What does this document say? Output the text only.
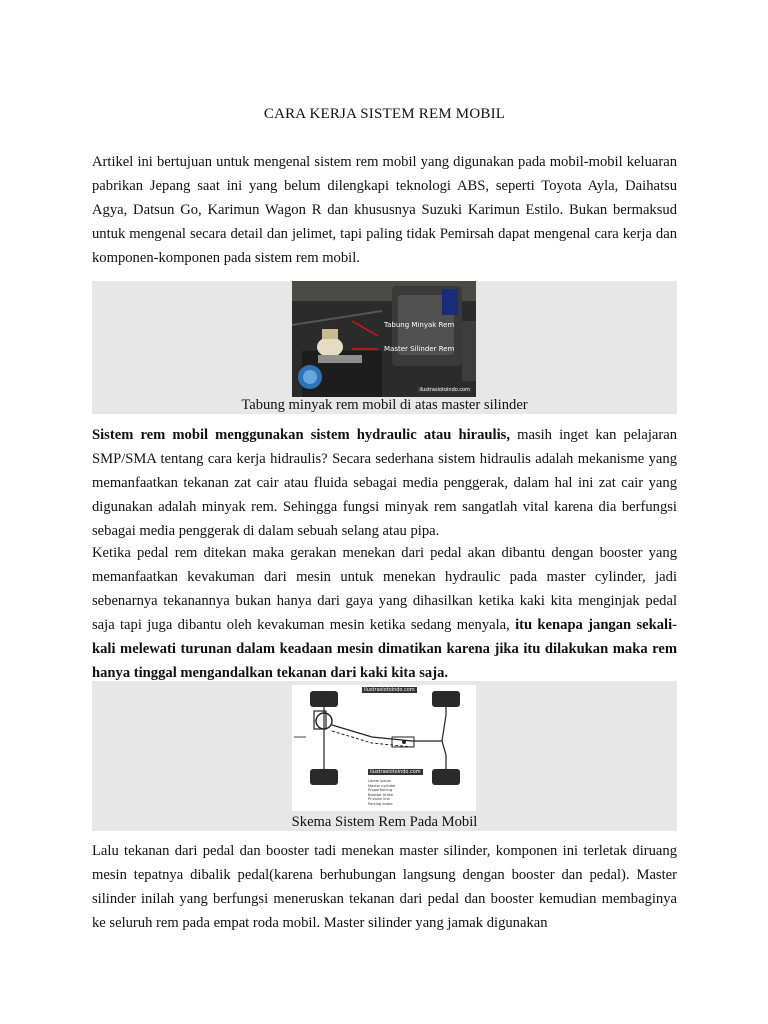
CARA KERJA SISTEM REM MOBIL

Artikel ini bertujuan untuk mengenal sistem rem mobil yang digunakan pada mobil-mobil keluaran pabrikan Jepang saat ini yang belum dilengkapi teknologi ABS, seperti Toyota Ayla, Daihatsu Agya, Datsun Go, Karimun Wagon R dan khususnya Suzuki Karimun Estilo. Bukan bermaksud untuk mengenal secara detail dan jelimet, tapi paling tidak Pemirsah dapat mengenal cara kerja dan komponen-komponen pada sistem rem mobil.

Tabung Minyak Rem
Master Silinder Rem
ilustrasiotoindo.com
Tabung minyak rem mobil di atas master silinder

Sistem rem mobil menggunakan sistem hydraulic atau hiraulis, masih inget kan pelajaran SMP/SMA tentang cara kerja hidraulis? Secara sederhana sistem hidraulis adalah mekanisme yang memanfaatkan tekanan zat cair atau fluida sebagai media penggerak, dalam hal ini zat cair yang digunakan adalah minyak rem. Sehingga fungsi minyak rem sangatlah vital karena dia berfungsi sebagai media penggerak di dalam sebuah selang atau pipa.

Ketika pedal rem ditekan maka gerakan menekan dari pedal akan dibantu dengan booster yang memanfaatkan kevakuman dari mesin untuk menekan hydraulic pada master cylinder, jadi sebenarnya tekanannya bukan hanya dari gaya yang dihasilkan ketika kaki kita menginjak pedal saja tapi juga dibantu oleh kevakuman mesin ketika sedang menyala, itu kenapa jangan sekali-kali melewati turunan dalam keadaan mesin dimatikan karena jika itu dilakukan maka rem hanya tinggal mengandalkan tekanan dari kaki kita saja.

ilustrasiotoindo.com
ilustrasiotoindo.com
Lorem ipsum
Master cylinder
Proportioning
Booster brake
Pr.valve line
Parking brake
Skema Sistem Rem Pada Mobil

Lalu tekanan dari pedal dan booster tadi menekan master silinder, komponen ini terletak diruang mesin tepatnya dibalik pedal(karena berhubungan langsung dengan booster dan pedal). Master silinder inilah yang berfungsi meneruskan tekanan dari pedal dan booster kemudian membaginya ke seluruh rem pada empat roda mobil. Master silinder yang jamak digunakan
